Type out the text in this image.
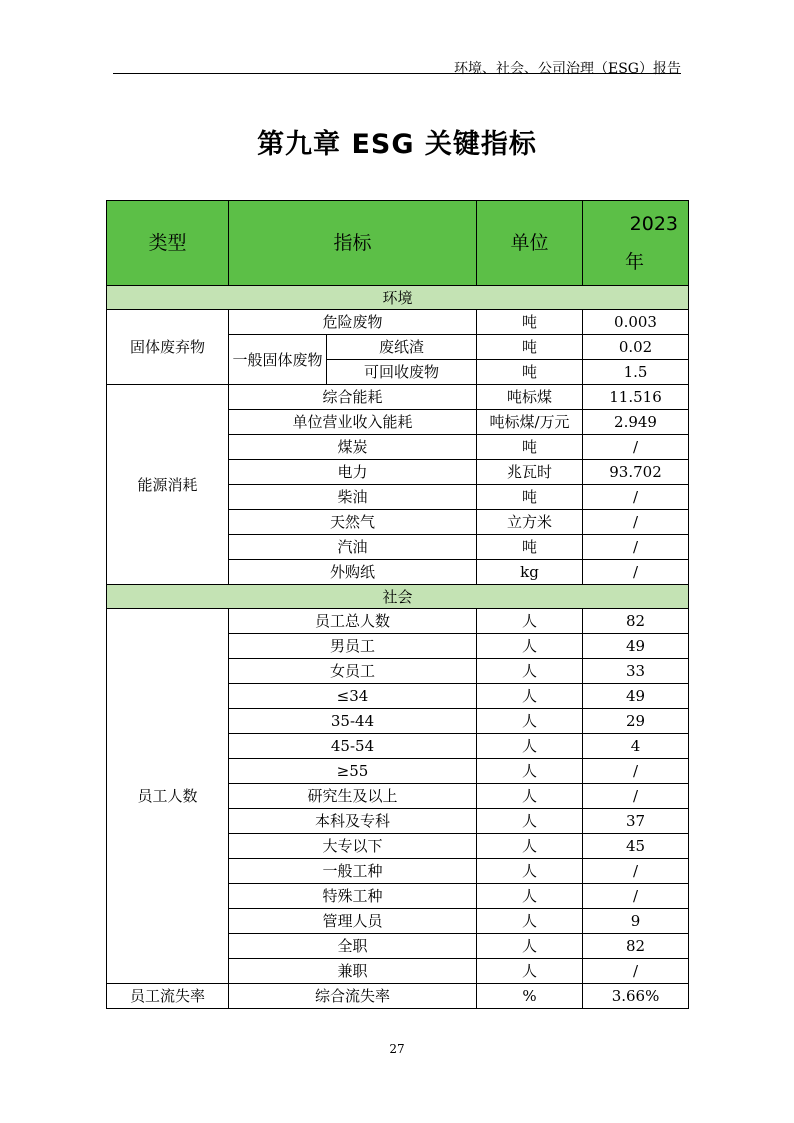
环境、社会、公司治理（ESG）报告
第九章 ESG 关键指标
类型	指标		单位	2023
年

环境				
固体废弃物	危险废物		吨	0.003
	一般固体废物	废纸渣	吨	0.02
		可回收废物	吨	1.5
能源消耗	综合能耗		吨标煤	11.516
	单位营业收入能耗		吨标煤/万元	2.949
	煤炭		吨	/
	电力		兆瓦时	93.702
	柴油		吨	/
	天然气		立方米	/
	汽油		吨	/
	外购纸		kg	/
社会				
员工人数	员工总人数		人	82
	男员工		人	49
	女员工		人	33
	≤34		人	49
	35-44		人	29
	45-54		人	4
	≥55		人	/
	研究生及以上		人	/
	本科及专科		人	37
	大专以下		人	45
	一般工种		人	/
	特殊工种		人	/
	管理人员		人	9
	全职		人	82
	兼职		人	/
员工流失率	综合流失率		%	3.66%
27
